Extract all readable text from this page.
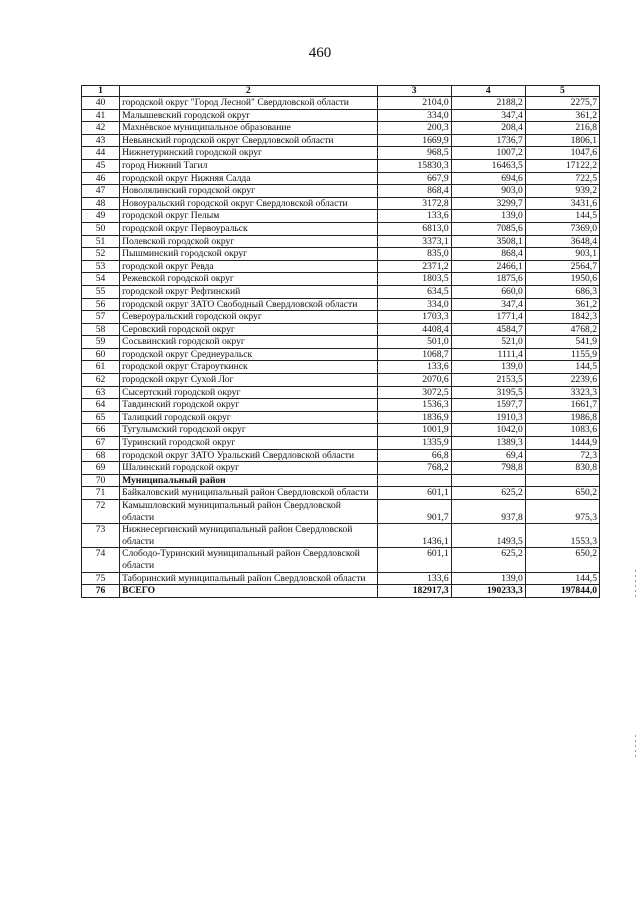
460
1	2	3	4	5
40	городской округ "Город Лесной" Свердловской области	2104,0	2188,2	2275,7
41	Малышевский городской округ	334,0	347,4	361,2
42	Махнёвское муниципальное образование	200,3	208,4	216,8
43	Невьянский городской округ Свердловской области	1669,9	1736,7	1806,1
44	Нижнетуринский городской округ	968,5	1007,2	1047,6
45	город Нижний Тагил	15830,3	16463,5	17122,2
46	городской округ Нижняя Салда	667,9	694,6	722,5
47	Новолялинский городской округ	868,4	903,0	939,2
48	Новоуральский городской округ Свердловской области	3172,8	3299,7	3431,6
49	городской округ Пелым	133,6	139,0	144,5
50	городской округ Первоуральск	6813,0	7085,6	7369,0
51	Полевской городской округ	3373,1	3508,1	3648,4
52	Пышминский городской округ	835,0	868,4	903,1
53	городской округ Ревда	2371,2	2466,1	2564,7
54	Режевской городской округ	1803,5	1875,6	1950,6
55	городской округ Рефтинский	634,5	660,0	686,3
56	городской округ ЗАТО Свободный Свердловской области	334,0	347,4	361,2
57	Североуральский городской округ	1703,3	1771,4	1842,3
58	Серовский городской округ	4408,4	4584,7	4768,2
59	Сосьвинский городской округ	501,0	521,0	541,9
60	городской округ Среднеуральск	1068,7	1111,4	1155,9
61	городской округ Староуткинск	133,6	139,0	144,5
62	городской округ Сухой Лог	2070,6	2153,5	2239,6
63	Сысертский городской округ	3072,5	3195,5	3323,3
64	Тавдинский городской округ	1536,3	1597,7	1661,7
65	Талицкий городской округ	1836,9	1910,3	1986,8
66	Тугулымский городской округ	1001,9	1042,0	1083,6
67	Туринский городской округ	1335,9	1389,3	1444,9
68	городской округ ЗАТО Уральский Свердловской области	66,8	69,4	72,3
69	Шалинский городской округ	768,2	798,8	830,8
70	Муниципальный район			
71	Байкаловский муниципальный район Свердловской области	601,1	625,2	650,2
72	Камышловский муниципальный район Свердловской области	901,7	937,8	975,3
73	Нижнесергинский муниципальный район Свердловской области	1436,1	1493,5	1553,3
74	Слободо-Туринский муниципальный район Свердловской области	601,1	625,2	650,2
75	Таборинский муниципальный район Свердловской области	133,6	139,0	144,5
76	ВСЕГО	182917,3	190233,3	197844,0
